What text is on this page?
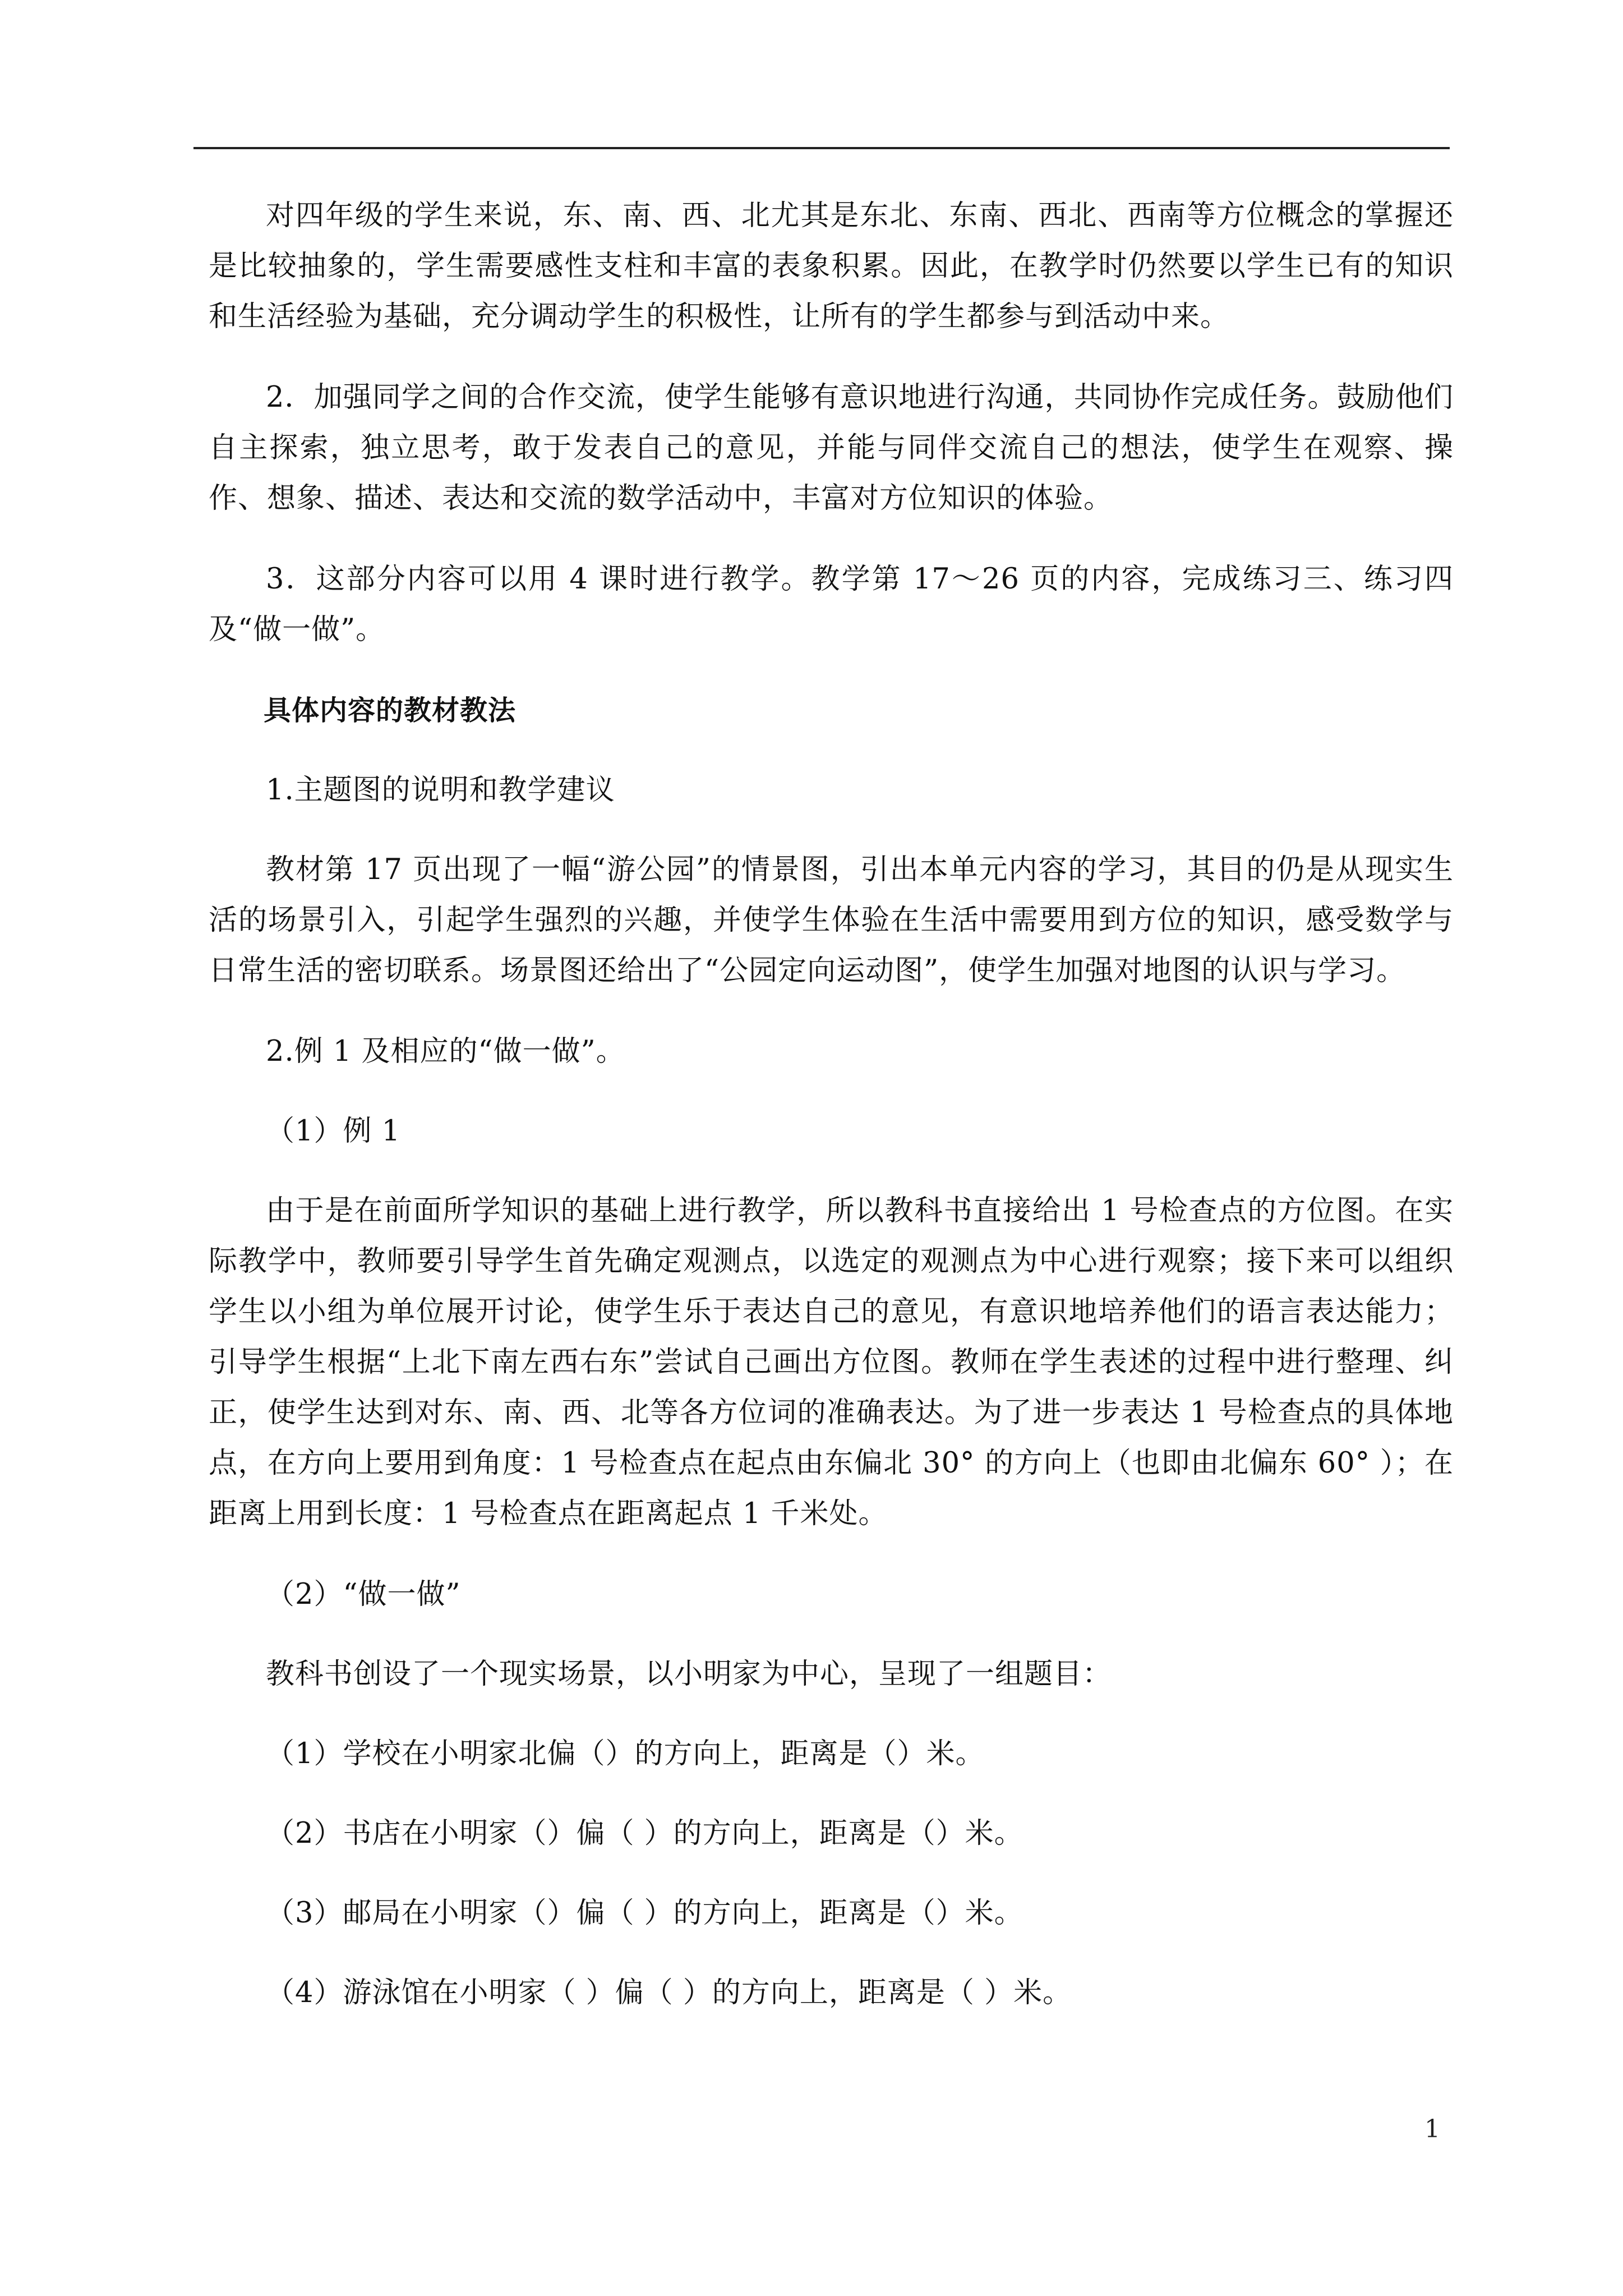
对四年级的学生来说，东、南、西、北尤其是东北、东南、西北、西南等方位概念的掌握还是比较抽象的，学生需要感性支柱和丰富的表象积累。因此，在教学时仍然要以学生已有的知识和生活经验为基础，充分调动学生的积极性，让所有的学生都参与到活动中来。

2．加强同学之间的合作交流，使学生能够有意识地进行沟通，共同协作完成任务。鼓励他们自主探索，独立思考，敢于发表自己的意见，并能与同伴交流自己的想法，使学生在观察、操作、想象、描述、表达和交流的数学活动中，丰富对方位知识的体验。

3．这部分内容可以用 4 课时进行教学。教学第 17～26 页的内容，完成练习三、练习四及“做一做”。

具体内容的教材教法

1.主题图的说明和教学建议

教材第 17 页出现了一幅“游公园”的情景图，引出本单元内容的学习，其目的仍是从现实生活的场景引入，引起学生强烈的兴趣，并使学生体验在生活中需要用到方位的知识，感受数学与日常生活的密切联系。场景图还给出了“公园定向运动图”，使学生加强对地图的认识与学习。

2.例 1 及相应的“做一做”。

（1）例 1

由于是在前面所学知识的基础上进行教学，所以教科书直接给出 1 号检查点的方位图。在实际教学中，教师要引导学生首先确定观测点，以选定的观测点为中心进行观察；接下来可以组织学生以小组为单位展开讨论，使学生乐于表达自己的意见，有意识地培养他们的语言表达能力；引导学生根据“上北下南左西右东”尝试自己画出方位图。教师在学生表述的过程中进行整理、纠正，使学生达到对东、南、西、北等各方位词的准确表达。为了进一步表达 1 号检查点的具体地点，在方向上要用到角度：1 号检查点在起点由东偏北 30° 的方向上（也即由北偏东 60° ）；在距离上用到长度：1 号检查点在距离起点 1 千米处。

（2）“做一做”

教科书创设了一个现实场景，以小明家为中心，呈现了一组题目：

（1）学校在小明家北偏（）的方向上，距离是（）米。

（2）书店在小明家（）偏（ ）的方向上，距离是（）米。

（3）邮局在小明家（）偏（ ）的方向上，距离是（）米。

（4）游泳馆在小明家（ ）偏（ ）的方向上，距离是（ ）米。

1
